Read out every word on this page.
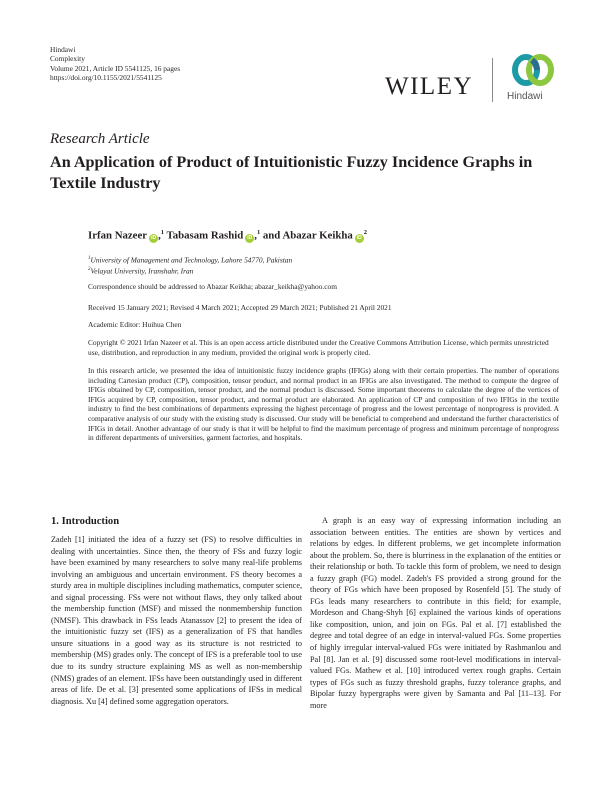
Hindawi
Complexity
Volume 2021, Article ID 5541125, 16 pages
https://doi.org/10.1155/2021/5541125	WILEY	Hindawi
Research Article
An Application of Product of Intuitionistic Fuzzy Incidence Graphs in Textile Industry
Irfan Nazeer iD ,$^1$ Tabasam Rashid iD ,$^1$ and Abazar Keikha $iD^2$
$^1$University of Management and Technology, Lahore 54770, Pakistan
$^2$Velayat University, Iranshahr, Iran
Correspondence should be addressed to Abazar Keikha; abazar_keikha@yahoo.com
Received 15 January 2021; Revised 4 March 2021; Accepted 29 March 2021; Published 21 April 2021
Academic Editor: Huihua Chen
Copyright © 2021 Irfan Nazeer et al. This is an open access article distributed under the Creative Commons Attribution License, which permits unrestricted use, distribution, and reproduction in any medium, provided the original work is properly cited.
In this research article, we presented the idea of intuitionistic fuzzy incidence graphs (IFIGs) along with their certain properties. The number of operations including Cartesian product (CP), composition, tensor product, and normal product in an IFIGs are also investigated. The method to compute the degree of IFIGs obtained by CP, composition, tensor product, and the normal product is discussed. Some important theorems to calculate the degree of the vertices of IFIGs acquired by CP, composition, tensor product, and normal product are elaborated. An application of CP and composition of two IFIGs in the textile industry to find the best combinations of departments expressing the highest percentage of progress and the lowest percentage of nonprogress is provided. A comparative analysis of our study with the existing study is discussed. Our study will be beneficial to comprehend and understand the further characteristics of IFIGs in detail. Another advantage of our study is that it will be helpful to find the maximum percentage of progress and minimum percentage of nonprogress in different departments of universities, garment factories, and hospitals.
1. Introduction

Zadeh [1] initiated the idea of a fuzzy set (FS) to resolve difficulties in dealing with uncertainties. Since then, the theory of FSs and fuzzy logic have been examined by many researchers to solve many real-life problems involving an ambiguous and uncertain environment. FS theory becomes a sturdy area in multiple disciplines including mathematics, computer science, and signal processing. FSs were not without flaws, they only talked about the membership function (MSF) and missed the nonmembership function (NMSF). This drawback in FSs leads Atanassov [2] to present the idea of the intuitionistic fuzzy set (IFS) as a generalization of FS that handles unsure situations in a good way as its structure is not restricted to membership (MS) grades only. The concept of IFS is a preferable tool to use due to its sundry structure explaining MS as well as non-membership (NMS) grades of an element. IFSs have been outstandingly used in different areas of life. De et al. [3] presented some applications of IFSs in medical diagnosis. Xu [4] defined some aggregation operators.

A graph is an easy way of expressing information including an association between entities. The entities are shown by vertices and relations by edges. In different problems, we get incomplete information about the problem. So, there is blurriness in the explanation of the entities or their relationship or both. To tackle this form of problem, we need to design a fuzzy graph (FG) model. Zadeh's FS provided a strong ground for the theory of FGs which have been proposed by Rosenfeld [5]. The study of FGs leads many researchers to contribute in this field; for example, Mordeson and Chang-Shyh [6] explained the various kinds of operations like composition, union, and join on FGs. Pal et al. [7] established the degree and total degree of an edge in interval-valued FGs. Some properties of highly irregular interval-valued FGs were initiated by Rashmanlou and Pal [8]. Jan et al. [9] discussed some root-level modifications in interval-valued FGs. Mathew et al. [10] introduced vertex rough graphs. Certain types of FGs such as fuzzy threshold graphs, fuzzy tolerance graphs, and Bipolar fuzzy hypergraphs were given by Samanta and Pal [11–13]. For more
